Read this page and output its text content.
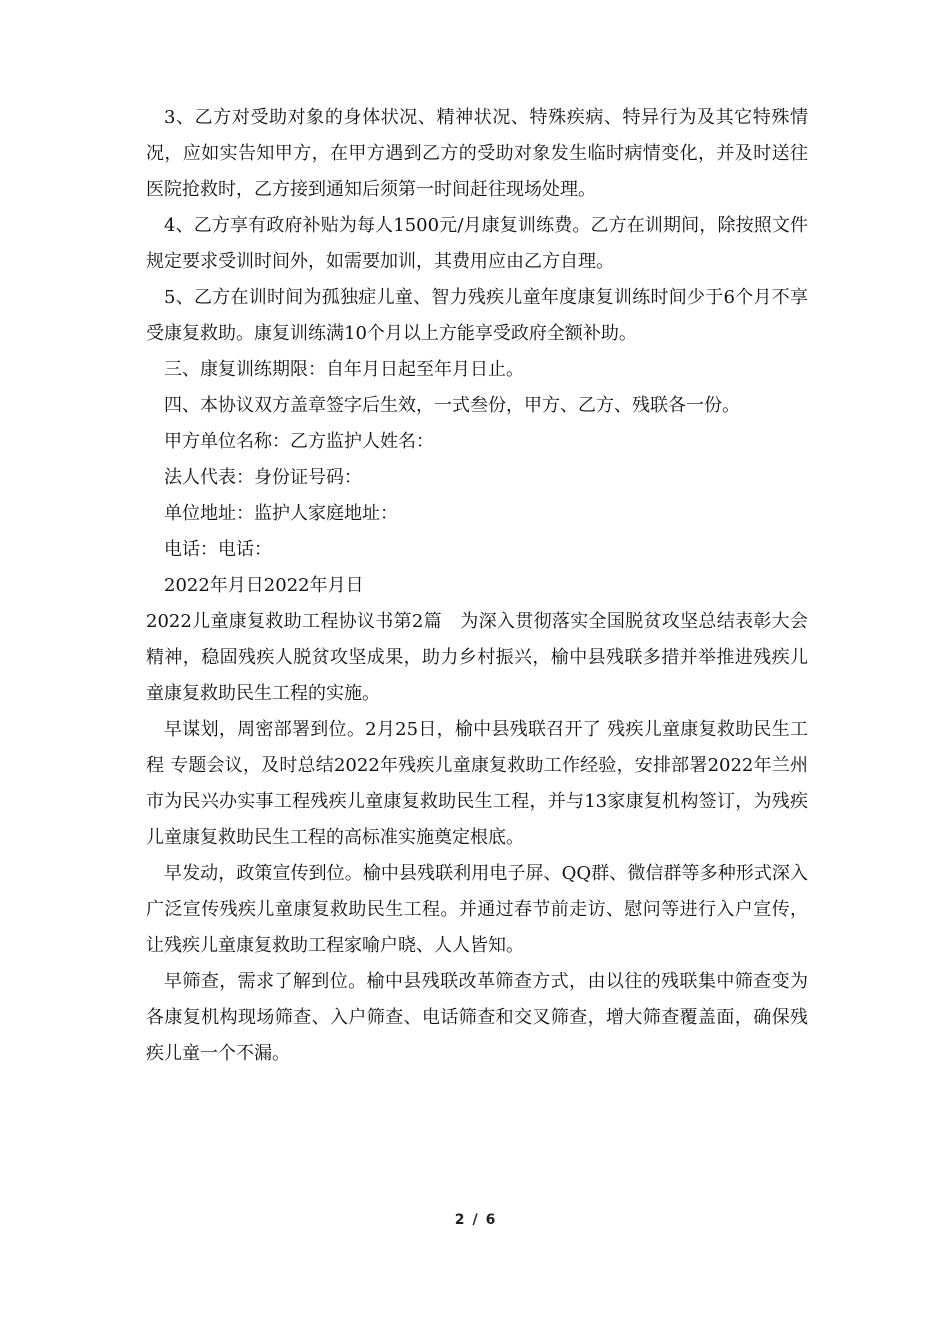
3、乙方对受助对象的身体状况、精神状况、特殊疾病、特异行为及其它特殊情况，应如实告知甲方，在甲方遇到乙方的受助对象发生临时病情变化，并及时送往医院抢救时，乙方接到通知后须第一时间赶往现场处理。

4、乙方享有政府补贴为每人1500元/月康复训练费。乙方在训期间，除按照文件规定要求受训时间外，如需要加训，其费用应由乙方自理。

5、乙方在训时间为孤独症儿童、智力残疾儿童年度康复训练时间少于6个月不享受康复救助。康复训练满10个月以上方能享受政府全额补助。

三、康复训练期限：自年月日起至年月日止。

四、本协议双方盖章签字后生效，一式叁份，甲方、乙方、残联各一份。

甲方单位名称：乙方监护人姓名：

法人代表：身份证号码：

单位地址：监护人家庭地址：

电话：电话：

2022年月日2022年月日

2022儿童康复救助工程协议书第2篇　为深入贯彻落实全国脱贫攻坚总结表彰大会精神，稳固残疾人脱贫攻坚成果，助力乡村振兴，榆中县残联多措并举推进残疾儿童康复救助民生工程的实施。

早谋划，周密部署到位。2月25日，榆中县残联召开了 残疾儿童康复救助民生工程 专题会议，及时总结2022年残疾儿童康复救助工作经验，安排部署2022年兰州市为民兴办实事工程残疾儿童康复救助民生工程，并与13家康复机构签订，为残疾儿童康复救助民生工程的高标准实施奠定根底。

早发动，政策宣传到位。榆中县残联利用电子屏、QQ群、微信群等多种形式深入广泛宣传残疾儿童康复救助民生工程。并通过春节前走访、慰问等进行入户宣传，让残疾儿童康复救助工程家喻户晓、人人皆知。

早筛查，需求了解到位。榆中县残联改革筛查方式，由以往的残联集中筛查变为各康复机构现场筛查、入户筛查、电话筛查和交叉筛查，增大筛查覆盖面，确保残疾儿童一个不漏。

2 / 6
